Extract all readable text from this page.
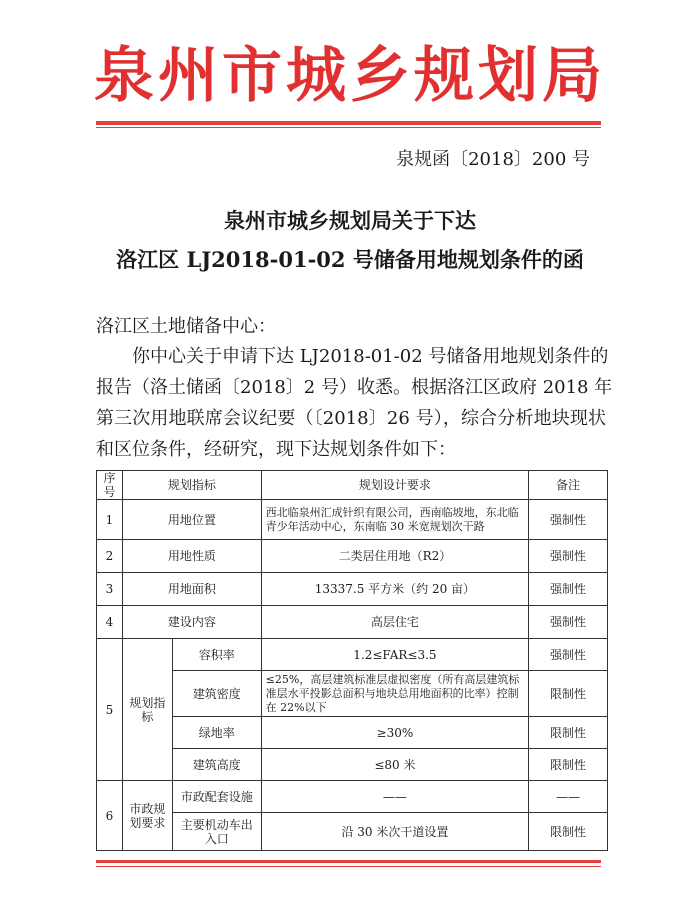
泉州市城乡规划局
泉规函〔2018〕200 号
泉州市城乡规划局关于下达
洛江区 LJ2018-01-02 号储备用地规划条件的函
洛江区土地储备中心：
你中心关于申请下达 LJ2018-01-02 号储备用地规划条件的
报告（洛土储函〔2018〕2 号）收悉。根据洛江区政府 2018 年
第三次用地联席会议纪要（〔2018〕26 号），综合分析地块现状
和区位条件，经研究，现下达规划条件如下：
序号	规划指标		规划设计要求	备注
1	用地位置		西北临泉州汇成针织有限公司，西南临坡地，东北临青少年活动中心，东南临 30 米宽规划次干路	强制性
2	用地性质		二类居住用地（R2）	强制性
3	用地面积		13337.5 平方米（约 20 亩）	强制性
4	建设内容		高层住宅	强制性
5	规划指标	容积率	1.2≤FAR≤3.5	强制性
		建筑密度	≤25%，高层建筑标准层虚拟密度（所有高层建筑标准层水平投影总面积与地块总用地面积的比率）控制在 22%以下	限制性
		绿地率	≥30%	限制性
		建筑高度	≤80 米	限制性
6	市政规划要求	市政配套设施	——	——
		主要机动车出入口	沿 30 米次干道设置	限制性
